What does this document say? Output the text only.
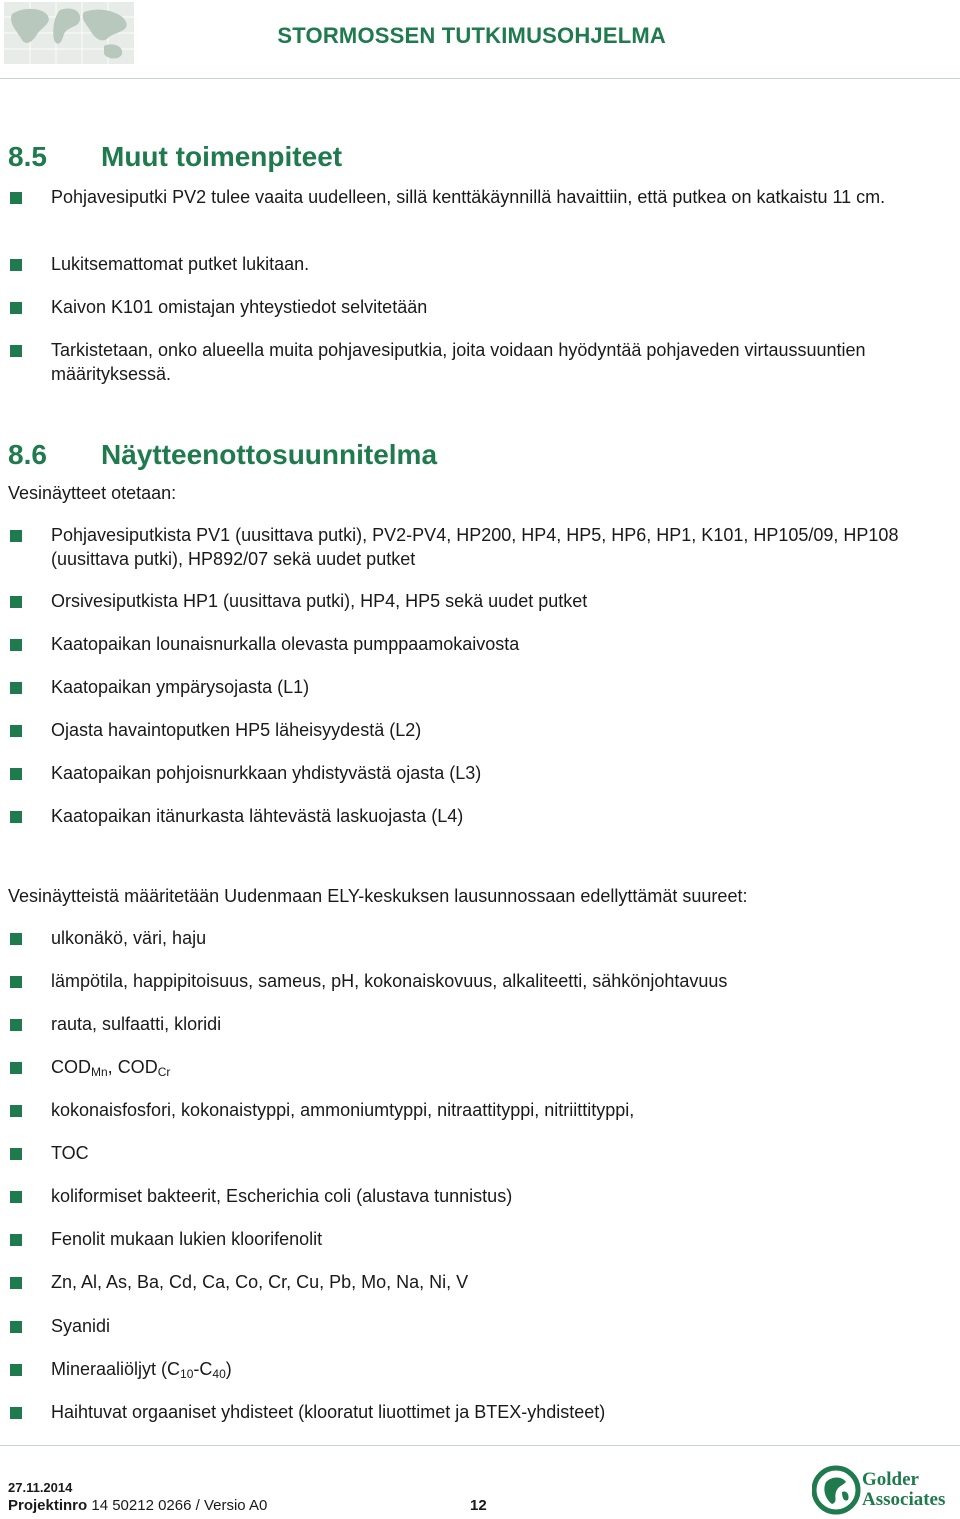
STORMOSSEN TUTKIMUSOHJELMA
8.5 Muut toimenpiteet
Pohjavesiputki PV2 tulee vaaita uudelleen, sillä kenttäkäynnillä havaittiin, että putkea on katkaistu 11 cm.
Lukitsemattomat putket lukitaan.
Kaivon K101 omistajan yhteystiedot selvitetään
Tarkistetaan, onko alueella muita pohjavesiputkia, joita voidaan hyödyntää pohjaveden virtaussuuntien määrityksessä.
8.6 Näytteenottosuunnitelma
Vesinäytteet otetaan:
Pohjavesiputkista PV1 (uusittava putki), PV2-PV4, HP200, HP4, HP5, HP6, HP1, K101, HP105/09, HP108 (uusittava putki), HP892/07 sekä uudet putket
Orsivesiputkista HP1 (uusittava putki), HP4, HP5 sekä uudet putket
Kaatopaikan lounaisnurkalla olevasta pumppaamokaivosta
Kaatopaikan ympärysojasta (L1)
Ojasta havaintoputken HP5 läheisyydestä (L2)
Kaatopaikan pohjoisnurkkaan yhdistyvästä ojasta (L3)
Kaatopaikan itänurkasta lähtevästä laskuojasta (L4)
Vesinäytteistä määritetään Uudenmaan ELY-keskuksen lausunnossaan edellyttämät suureet:
ulkonäkö, väri, haju
lämpötila, happipitoisuus, sameus, pH, kokonaiskovuus, alkaliteetti, sähkönjohtavuus
rauta, sulfaatti, kloridi
$COD_{Mn}$, $COD_{Cr}$
kokonaisfosfori, kokonaistyppi, ammoniumtyppi, nitraattityppi, nitriittityppi,
TOC
koliformiset bakteerit, Escherichia coli (alustava tunnistus)
Fenolit mukaan lukien kloorifenolit
Zn, Al, As, Ba, Cd, Ca, Co, Cr, Cu, Pb, Mo, Na, Ni, V
Syanidi
Mineraaliöljyt $(C_{10}-C_{40})$
Haihtuvat orgaaniset yhdisteet (klooratut liuottimet ja BTEX-yhdisteet)
27.11.2014
Projektinro 14 50212 0266 / Versio A0	12
Golder
Associates
